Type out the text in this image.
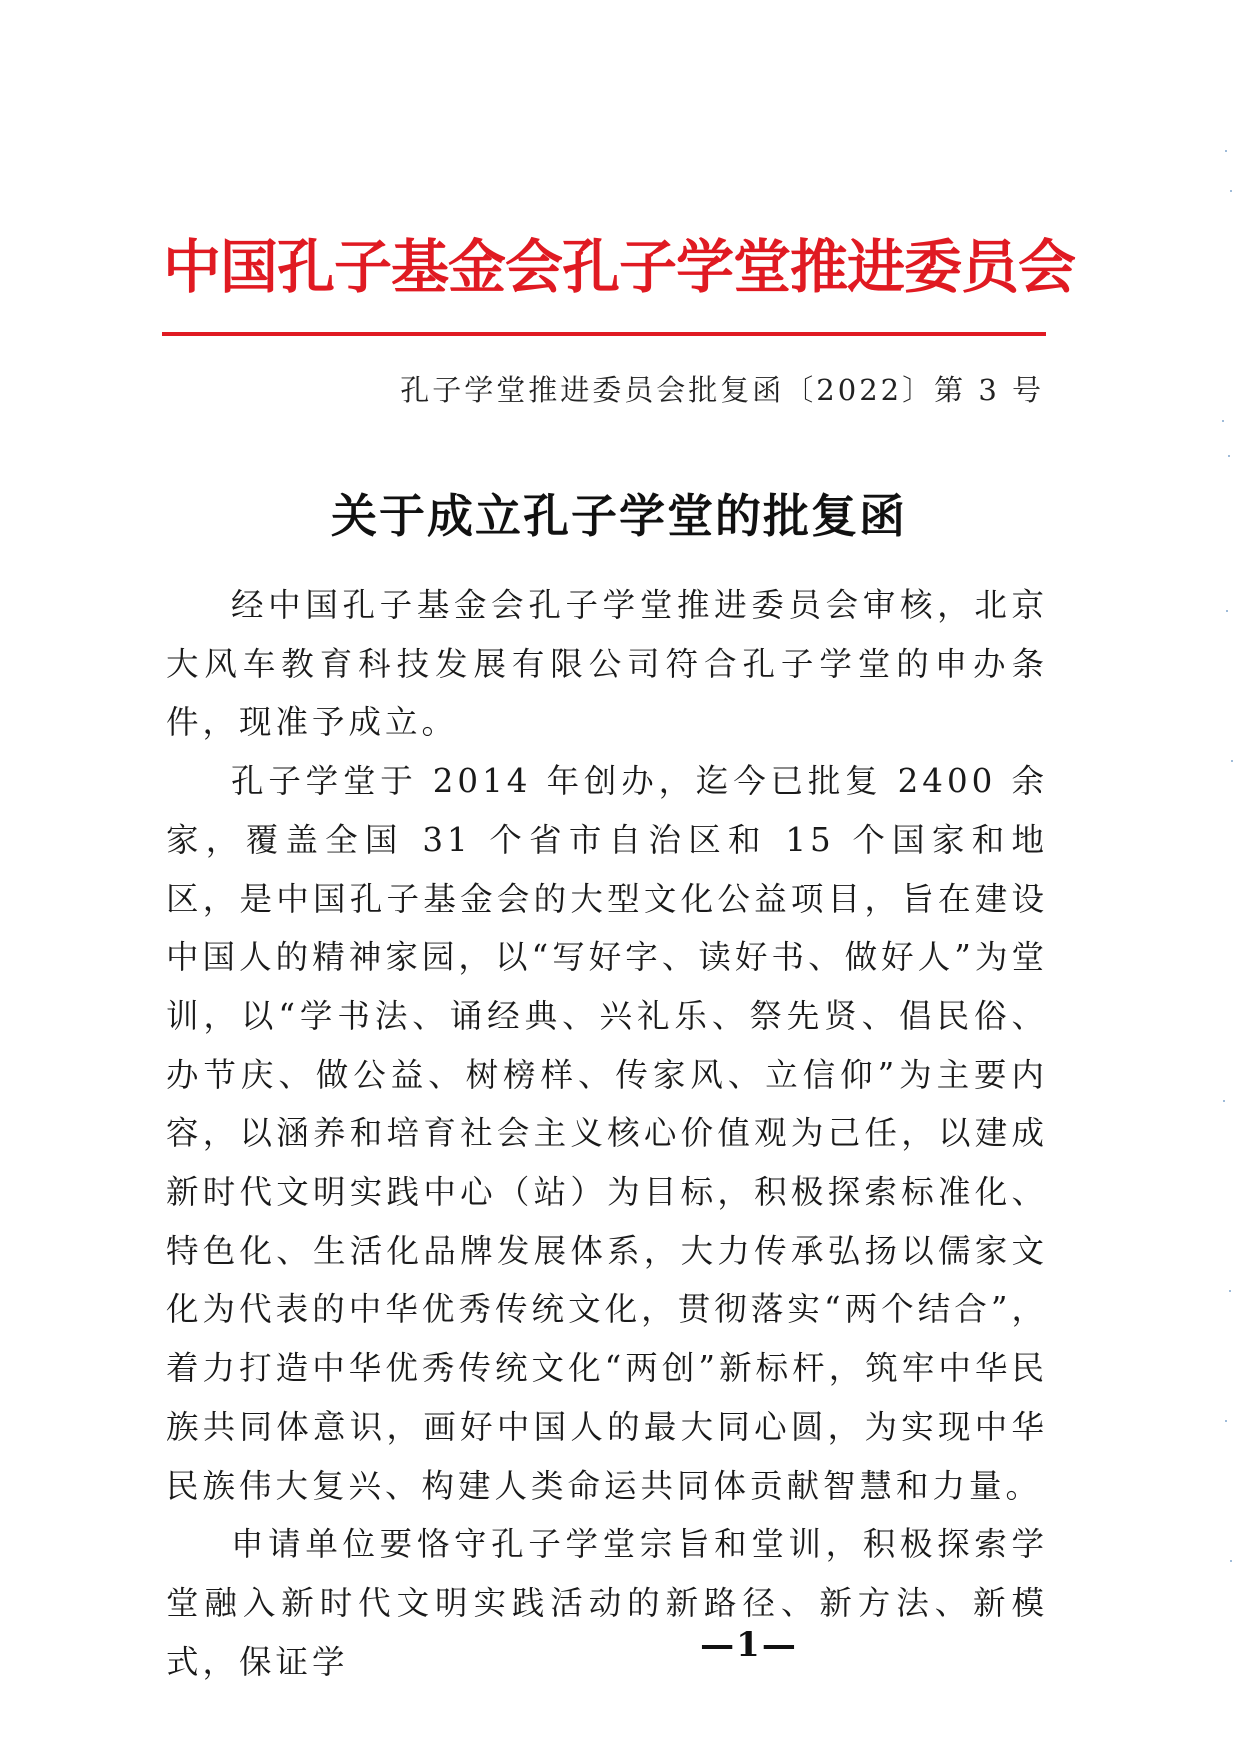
中国孔子基金会孔子学堂推进委员会
孔子学堂推进委员会批复函〔2022〕第 3 号
关于成立孔子学堂的批复函

经中国孔子基金会孔子学堂推进委员会审核，北京大风车教育科技发展有限公司符合孔子学堂的申办条件，现准予成立。

孔子学堂于 2014 年创办，迄今已批复 2400 余家，覆盖全国 31 个省市自治区和 15 个国家和地区，是中国孔子基金会的大型文化公益项目，旨在建设中国人的精神家园，以“写好字、读好书、做好人”为堂训，以“学书法、诵经典、兴礼乐、祭先贤、倡民俗、办节庆、做公益、树榜样、传家风、立信仰”为主要内容，以涵养和培育社会主义核心价值观为己任，以建成新时代文明实践中心（站）为目标，积极探索标准化、特色化、生活化品牌发展体系，大力传承弘扬以儒家文化为代表的中华优秀传统文化，贯彻落实“两个结合”，着力打造中华优秀传统文化“两创”新标杆，筑牢中华民族共同体意识，画好中国人的最大同心圆，为实现中华民族伟大复兴、构建人类命运共同体贡献智慧和力量。

申请单位要恪守孔子学堂宗旨和堂训，积极探索学堂融入新时代文明实践活动的新路径、新方法、新模式，保证学	—1—
